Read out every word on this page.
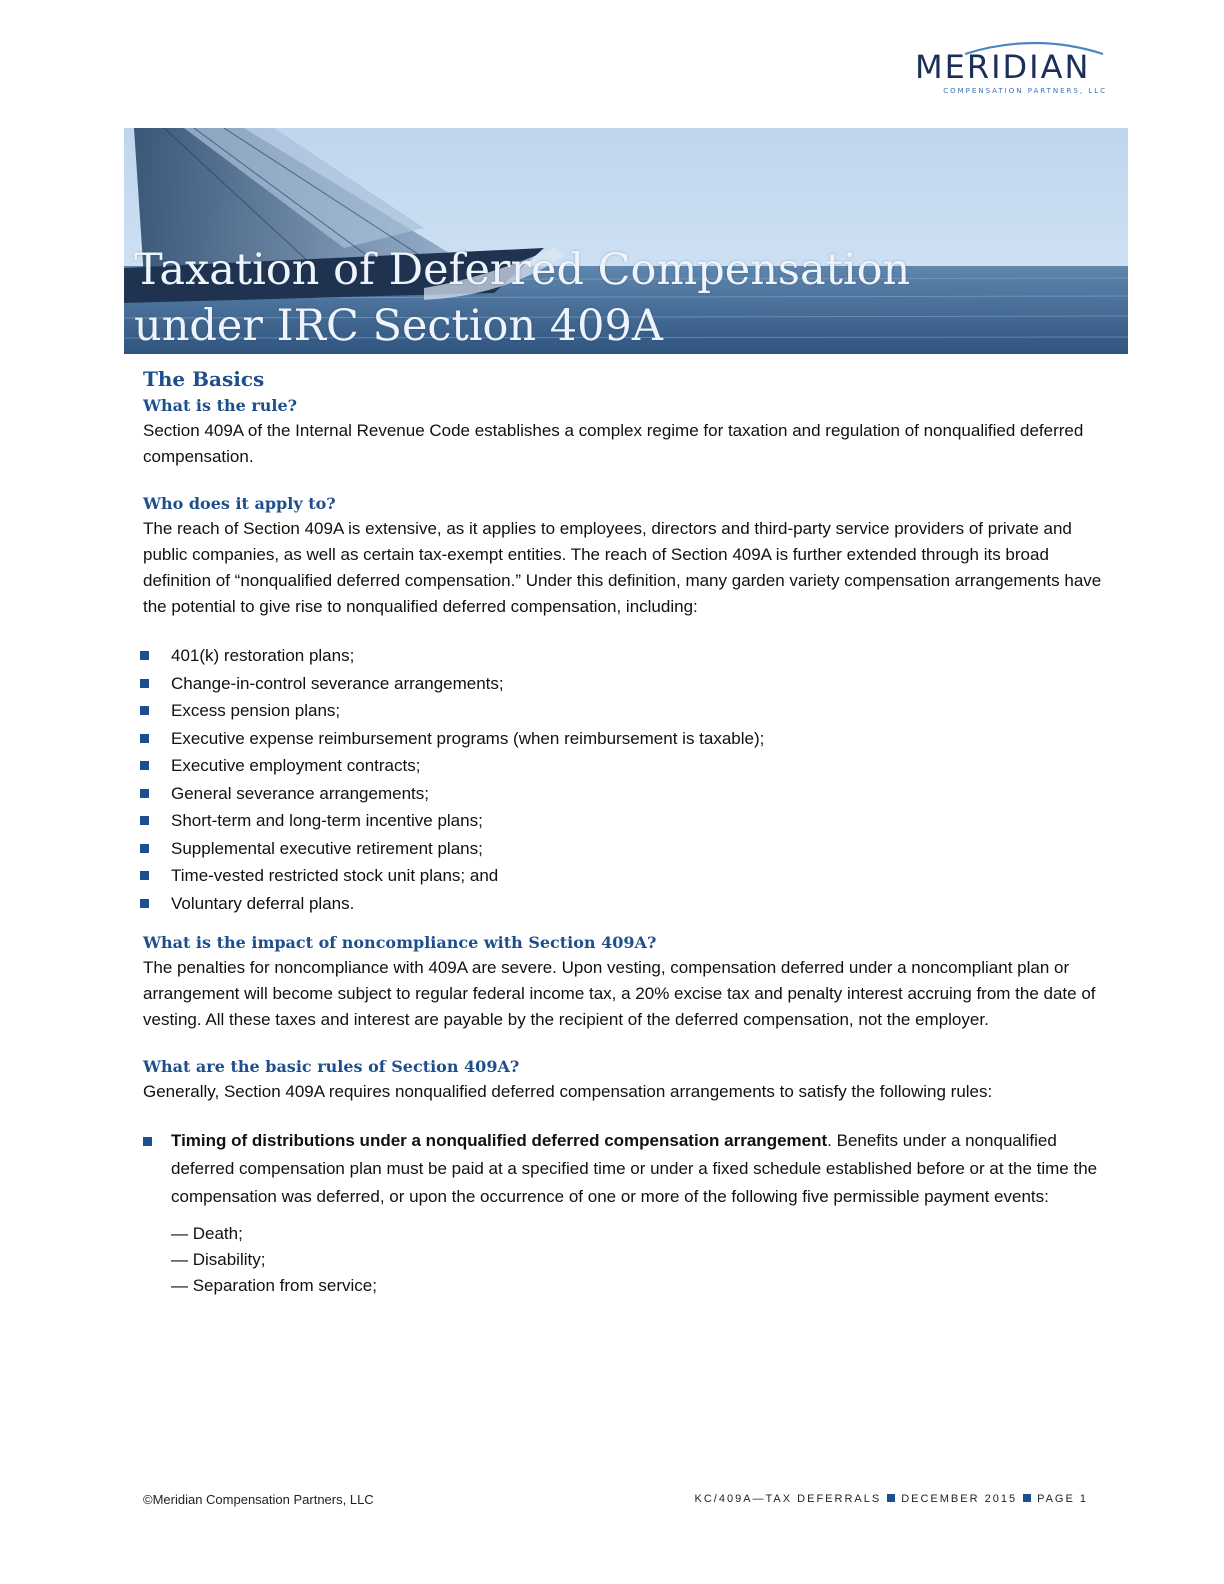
MERIDIAN
COMPENSATION PARTNERS, LLC
Taxation of Deferred Compensation
under IRC Section 409A
The Basics
What is the rule?

Section 409A of the Internal Revenue Code establishes a complex regime for taxation and regulation of nonqualified deferred compensation.

Who does it apply to?

The reach of Section 409A is extensive, as it applies to employees, directors and third-party service providers of private and public companies, as well as certain tax-exempt entities. The reach of Section 409A is further extended through its broad definition of “nonqualified deferred compensation.” Under this definition, many garden variety compensation arrangements have the potential to give rise to nonqualified deferred compensation, including:

401(k) restoration plans;
Change-in-control severance arrangements;
Excess pension plans;
Executive expense reimbursement programs (when reimbursement is taxable);
Executive employment contracts;
General severance arrangements;
Short-term and long-term incentive plans;
Supplemental executive retirement plans;
Time-vested restricted stock unit plans; and
Voluntary deferral plans.
What is the impact of noncompliance with Section 409A?

The penalties for noncompliance with 409A are severe. Upon vesting, compensation deferred under a noncompliant plan or arrangement will become subject to regular federal income tax, a 20% excise tax and penalty interest accruing from the date of vesting. All these taxes and interest are payable by the recipient of the deferred compensation, not the employer.

What are the basic rules of Section 409A?

Generally, Section 409A requires nonqualified deferred compensation arrangements to satisfy the following rules:

Timing of distributions under a nonqualified deferred compensation arrangement. Benefits under a nonqualified deferred compensation plan must be paid at a specified time or under a fixed schedule established before or at the time the compensation was deferred, or upon the occurrence of one or more of the following five permissible payment events:
— Death;
— Disability;
— Separation from service;
©Meridian Compensation Partners, LLC	KC/409A—TAX DEFERRALS DECEMBER 2015 PAGE 1
